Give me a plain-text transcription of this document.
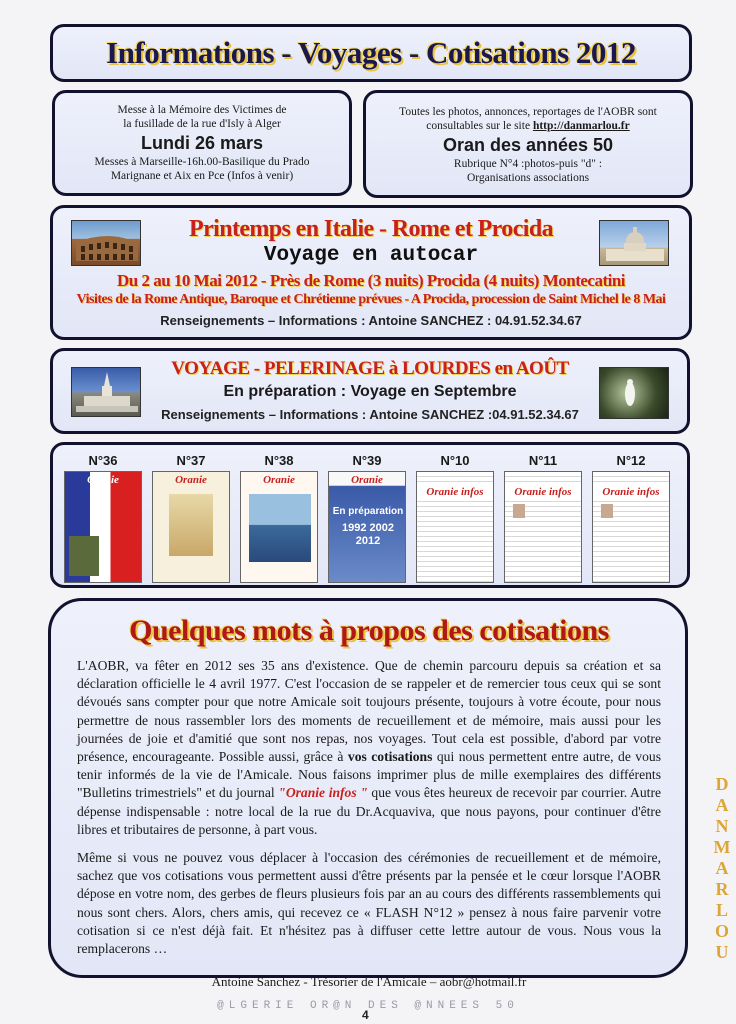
Informations - Voyages - Cotisations 2012
Messe à la Mémoire des Victimes de
la fusillade de la rue d'Isly à Alger
Lundi 26 mars
Messes à Marseille-16h.00-Basilique du Prado
Marignane et Aix en Pce (Infos à venir)
Toutes les photos, annonces, reportages de l'AOBR sont
consultables sur le site http://danmarlou.fr
Oran des années 50
Rubrique N°4 :photos-puis "d" :
Organisations associations
Printemps en Italie - Rome et Procida
Voyage en autocar
Du 2 au 10 Mai 2012 - Près de Rome (3 nuits) Procida (4 nuits) Montecatini
Visites de la Rome Antique, Baroque et Chrétienne prévues - A Procida, procession de Saint Michel le 8 Mai
Renseignements – Informations : Antoine SANCHEZ : 04.91.52.34.67
VOYAGE - PELERINAGE à LOURDES en AOÛT
En préparation : Voyage en Septembre
Renseignements – Informations : Antoine SANCHEZ :04.91.52.34.67
N°36
Oranie
N°37
Oranie
N°38
Oranie
N°39
Oranie
En préparation
1992 2002 2012
N°10
Oranie infos
N°11
Oranie infos
N°12
Oranie infos
Quelques mots à propos des cotisations

L'AOBR, va fêter en 2012 ses 35 ans d'existence. Que de chemin parcouru depuis sa création et sa déclaration officielle le 4 avril 1977. C'est l'occasion de se rappeler et de remercier tous ceux qui se sont dévoués sans compter pour que notre Amicale soit toujours présente, toujours à votre écoute, pour nous permettre de nous rassembler lors des moments de recueillement et de mémoire, mais aussi pour les journées de joie et d'amitié que sont nos repas, nos voyages. Tout cela est possible, d'abord par votre présence, encourageante. Possible aussi, grâce à vos cotisations qui nous permettent entre autre, de vous tenir informés de la vie de l'Amicale. Nous faisons imprimer plus de mille exemplaires des différents "Bulletins trimestriels" et du journal "Oranie infos " que vous êtes heureux de recevoir par courrier. Autre dépense indispensable : notre local de la rue du Dr.Acquaviva, que nous payons, pour continuer d'être libres et tributaires de personne, à part vous.

Même si vous ne pouvez vous déplacer à l'occasion des cérémonies de recueillement et de mémoire, sachez que vos cotisations vous permettent aussi d'être présents par la pensée et le cœur lorsque l'AOBR dépose en votre nom, des gerbes de fleurs plusieurs fois par an au cours des différents rassemblements qui nous sont chers. Alors, chers amis, qui recevez ce « FLASH N°12 » pensez à nous faire parvenir votre cotisation si ce n'est déjà fait. Et n'hésitez pas à diffuser cette lettre autour de vous. Nous vous la remplacerons …

Antoine Sanchez - Trésorier de l'Amicale – aobr@hotmail.fr
D
A
N
M
A
R
L
O
U
@LGERIE OR@N DES @NNEES 50
4
